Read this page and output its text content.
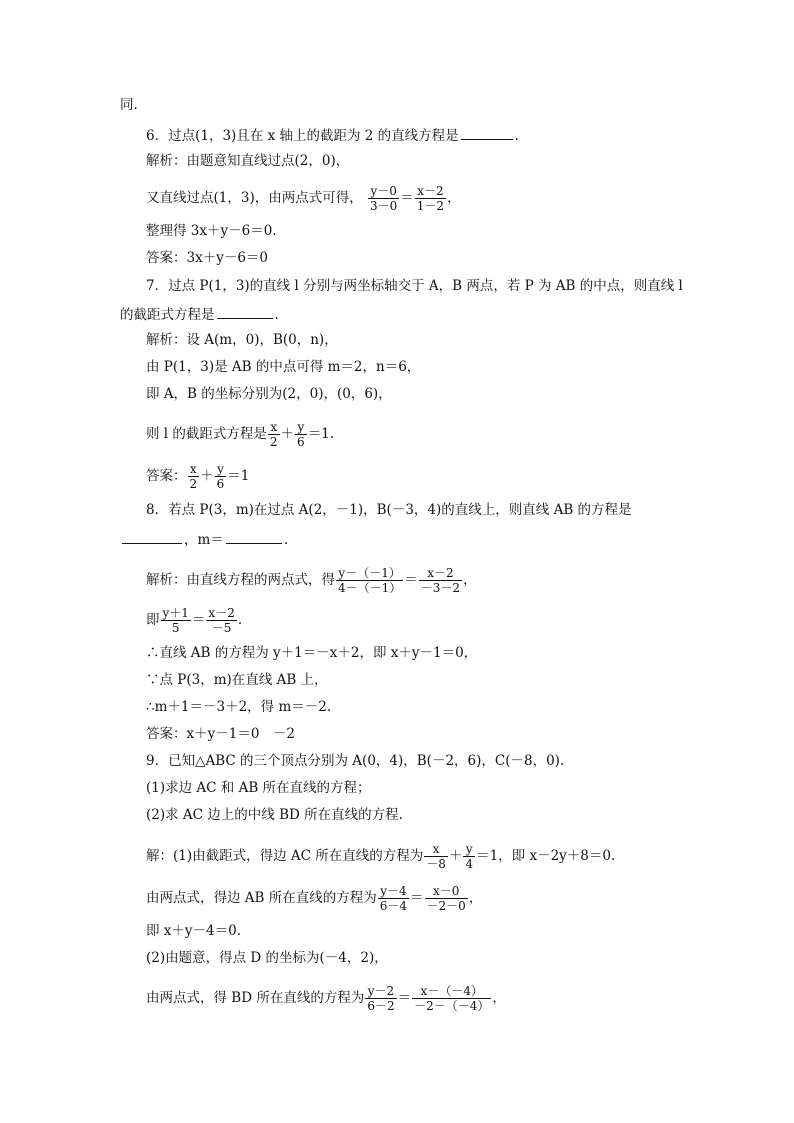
同.
6．过点(1，3)且在 x 轴上的截距为 2 的直线方程是	.
解析：由题意知直线过点(2，0)，
又直线过点(1，3)，由两点式可得， $\frac{y-0}{3-0} = \frac{x-2}{1-2}$ ，
整理得 3x＋y－6＝0.
答案：3x＋y－6＝0
7．过点 P(1，3)的直线 l 分别与两坐标轴交于 A，B 两点，若 P 为 AB 的中点，则直线 l
的截距式方程是	.
解析：设 A(m，0)，B(0，n)，
由 P(1，3)是 AB 的中点可得 m＝2，n＝6，
即 A，B 的坐标分别为(2，0)，(0，6)，
则 l 的截距式方程是 $\frac{x}{2} + \frac{y}{6} =1$.
答案： $\frac{x}{2} + \frac{y}{6} =1$
8．若点 P(3，m)在过点 A(2，－1)，B(－3，4)的直线上，则直线 AB 的方程是
，m＝	.
解析：由直线方程的两点式，得 $\frac{y-(-1)}{4-(-1)} = \frac{x-2}{-3-2}$ ，
即 $\frac{y+1}{5} = \frac{x-2}{-5}$ .
∴直线 AB 的方程为 y＋1＝－x＋2，即 x＋y－1＝0，
∵点 P(3，m)在直线 AB 上，
∴m＋1＝－3＋2，得 m＝－2.
答案：x＋y－1＝0　－2
9．已知△ABC 的三个顶点分别为 A(0，4)，B(－2，6)，C(－8，0).
(1)求边 AC 和 AB 所在直线的方程；
(2)求 AC 边上的中线 BD 所在直线的方程.
解：(1)由截距式，得边 AC 所在直线的方程为 $\frac{x}{-8} + \frac{y}{4} =1$，即 x－2y＋8＝0.
由两点式，得边 AB 所在直线的方程为 $\frac{y-4}{6-4} = \frac{x-0}{-2-0}$ ，
即 x＋y－4＝0.
(2)由题意，得点 D 的坐标为(－4，2)，
由两点式，得 BD 所在直线的方程为 $\frac{y-2}{6-2} = \frac{x-(-4)}{-2-(-4)}$ ，
